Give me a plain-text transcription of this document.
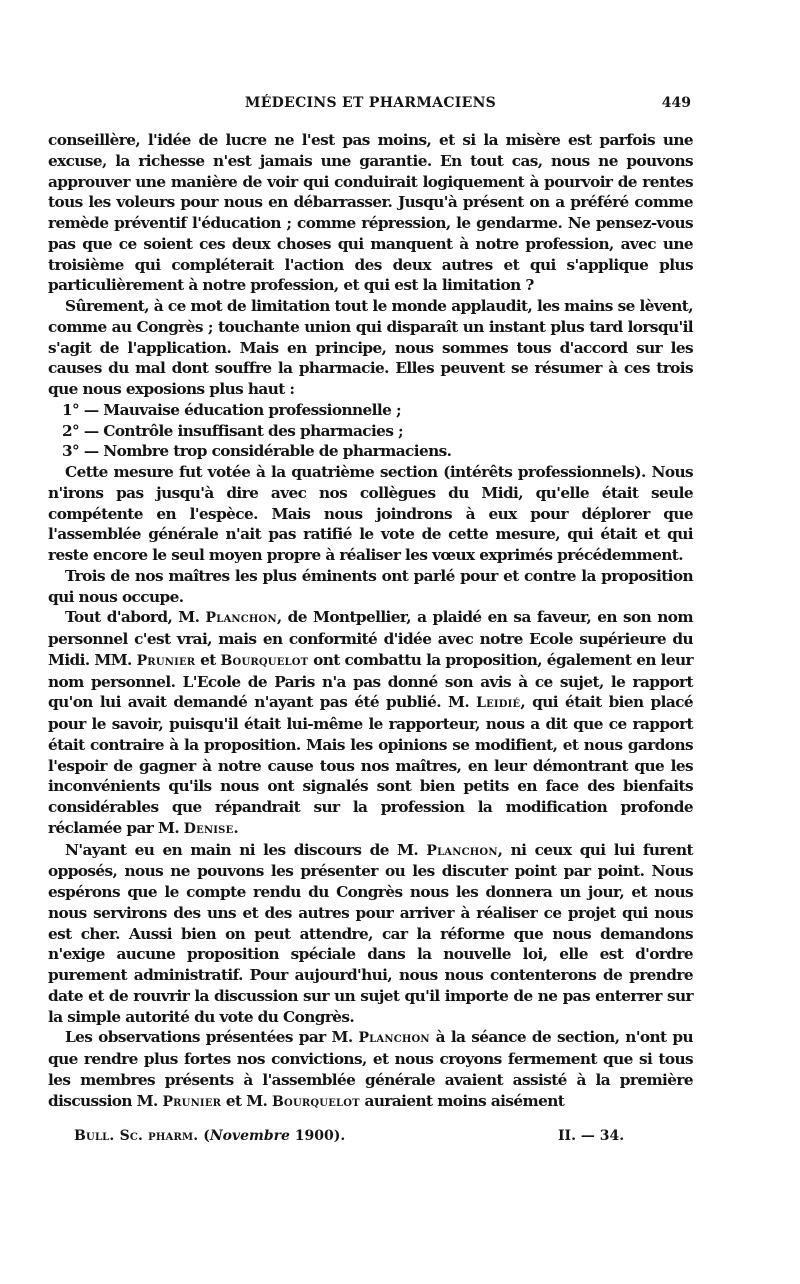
MÉDECINS ET PHARMACIENS	449

conseillère, l'idée de lucre ne l'est pas moins, et si la misère est parfois une excuse, la richesse n'est jamais une garantie. En tout cas, nous ne pouvons approuver une manière de voir qui conduirait logiquement à pourvoir de rentes tous les voleurs pour nous en débarrasser. Jusqu'à présent on a préféré comme remède préventif l'éducation ; comme répression, le gendarme. Ne pensez-vous pas que ce soient ces deux choses qui manquent à notre profession, avec une troisième qui compléterait l'action des deux autres et qui s'applique plus particulièrement à notre profession, et qui est la limitation ?

Sûrement, à ce mot de limitation tout le monde applaudit, les mains se lèvent, comme au Congrès ; touchante union qui disparaît un instant plus tard lorsqu'il s'agit de l'application. Mais en principe, nous sommes tous d'accord sur les causes du mal dont souffre la pharmacie. Elles peuvent se résumer à ces trois que nous exposions plus haut :

1° — Mauvaise éducation professionnelle ;

2° — Contrôle insuffisant des pharmacies ;

3° — Nombre trop considérable de pharmaciens.

Cette mesure fut votée à la quatrième section (intérêts professionnels). Nous n'irons pas jusqu'à dire avec nos collègues du Midi, qu'elle était seule compétente en l'espèce. Mais nous joindrons à eux pour déplorer que l'assemblée générale n'ait pas ratifié le vote de cette mesure, qui était et qui reste encore le seul moyen propre à réaliser les vœux exprimés précédemment.

Trois de nos maîtres les plus éminents ont parlé pour et contre la proposition qui nous occupe.

Tout d'abord, M. Planchon, de Montpellier, a plaidé en sa faveur, en son nom personnel c'est vrai, mais en conformité d'idée avec notre Ecole supérieure du Midi. MM. Prunier et Bourquelot ont combattu la proposition, également en leur nom personnel. L'Ecole de Paris n'a pas donné son avis à ce sujet, le rapport qu'on lui avait demandé n'ayant pas été publié. M. Leidié, qui était bien placé pour le savoir, puisqu'il était lui-même le rapporteur, nous a dit que ce rapport était contraire à la proposition. Mais les opinions se modifient, et nous gardons l'espoir de gagner à notre cause tous nos maîtres, en leur démontrant que les inconvénients qu'ils nous ont signalés sont bien petits en face des bienfaits considérables que répandrait sur la profession la modification profonde réclamée par M. Denise.

N'ayant eu en main ni les discours de M. Planchon, ni ceux qui lui furent opposés, nous ne pouvons les présenter ou les discuter point par point. Nous espérons que le compte rendu du Congrès nous les donnera un jour, et nous nous servirons des uns et des autres pour arriver à réaliser ce projet qui nous est cher. Aussi bien on peut attendre, car la réforme que nous demandons n'exige aucune proposition spéciale dans la nouvelle loi, elle est d'ordre purement administratif. Pour aujourd'hui, nous nous contenterons de prendre date et de rouvrir la discussion sur un sujet qu'il importe de ne pas enterrer sur la simple autorité du vote du Congrès.

Les observations présentées par M. Planchon à la séance de section, n'ont pu que rendre plus fortes nos convictions, et nous croyons fermement que si tous les membres présents à l'assemblée générale avaient assisté à la première discussion M. Prunier et M. Bourquelot auraient moins aisément

Bull. Sc. pharm. (Novembre 1900).	II. — 34.
